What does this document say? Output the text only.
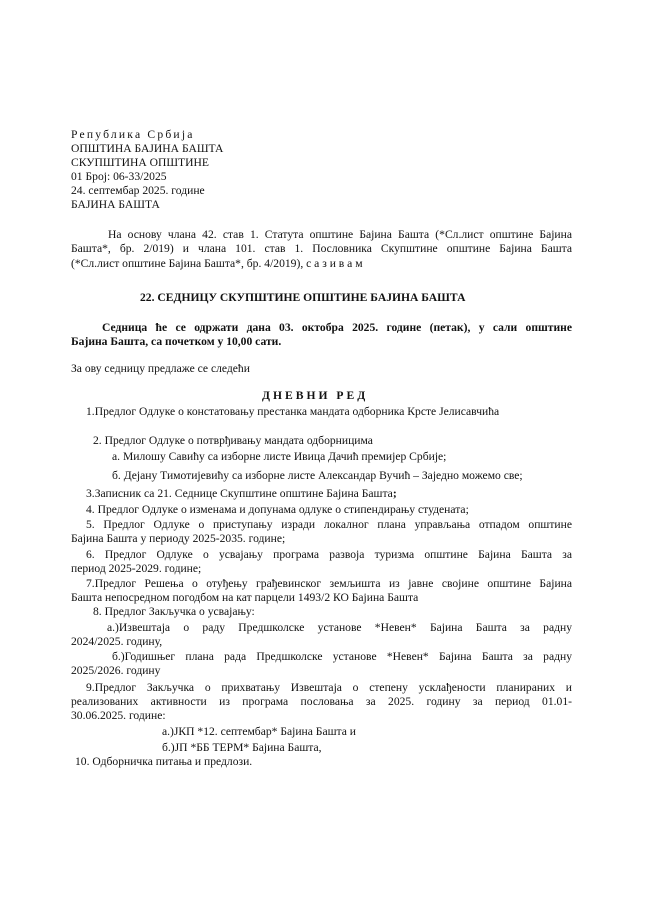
Република Србија
ОПШТИНА БАЈИНА БАШТА
СКУПШТИНА ОПШТИНЕ
01 Број: 06-33/2025
24. септембар 2025. године
БАЈИНА БАШТА
На основу члана 42. став 1. Статута општине Бајина Башта (*Сл.лист општине Бајина
Башта*, бр. 2/019) и члана 101. став 1. Пословника Скупштине општине Бајина Башта
(*Сл.лист општине Бајина Башта*, бр. 4/2019), с а з и в а м
22. СЕДНИЦУ СКУПШТИНЕ ОПШТИНЕ БАЈИНА БАШТА
Седница ће се одржати дана 03. октобра 2025. године (петак), у сали општине
Бајина Башта, са почетком у 10,00 сати.
За ову седницу предлаже се следећи
ДНЕВНИ РЕД
1.Предлог Одлуке о констатовању престанка мандата одборника Крсте Јелисавчића
2. Предлог Одлуке о потврђивању мандата одборницима
а. Милошу Савићу са изборне листе Ивица Дачић премијер Србије;
б. Дејану Тимотијевићу са изборне листе Александар Вучић – Заједно можемо све;
3.Записник са 21. Седнице Скупштине општине Бајина Башта;
4. Предлог Одлуке о изменама и допунама одлуке о стипендирању студената;
5. Предлог Одлуке о приступању изради локалног плана управљања отпадом општине
Бајина Башта у периоду 2025-2035. године;
6. Предлог Одлуке о усвајању програма развоја туризма општине Бајина Башта за
период 2025-2029. године;
7.Предлог Решења о отуђењу грађевинског земљишта из јавне својине општине Бајина
Башта непосредном погодбом на кат парцели 1493/2 КО Бајина Башта
8. Предлог Закључка о усвајању:
а.)Извештаја о раду Предшколске установе *Невен* Бајина Башта за радну
2024/2025. годину,
б.)Годишњег плана рада Предшколске установе *Невен* Бајина Башта за радну
2025/2026. годину
9.Предлог Закључка о прихватању Извештаја о степену усклађености планираних и
реализованих активности из програма пословања за 2025. годину за период 01.01-
30.06.2025. године:
а.)ЈКП *12. септембар* Бајина Башта и
б.)ЈП *ББ ТЕРМ* Бајина Башта,
10. Одборничка питања и предлози.
